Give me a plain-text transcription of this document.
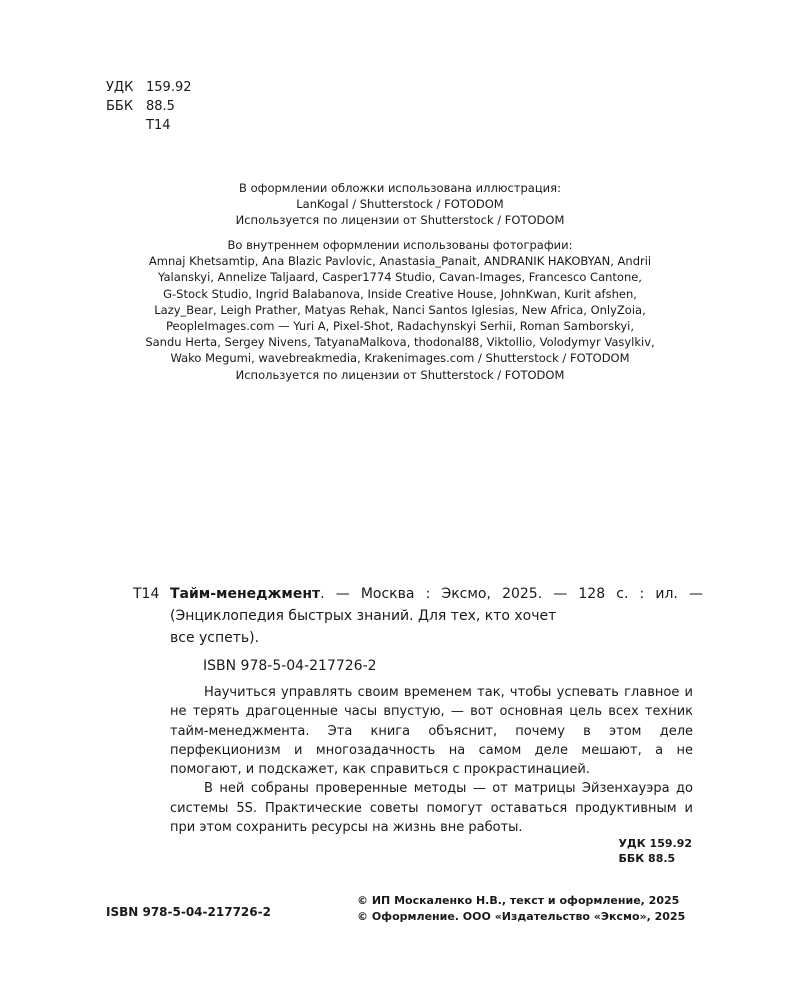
УДК 159.92
ББК 88.5
Т14

В оформлении обложки использована иллюстрация:

LanKogal / Shutterstock / FOTODOM

Используется по лицензии от Shutterstock / FOTODOM

Во внутреннем оформлении использованы фотографии:

Amnaj Khetsamtip, Ana Blazic Pavlovic, Anastasia_Panait, ANDRANIK HAKOBYAN, Andrii

Yalanskyi, Annelize Taljaard, Casper1774 Studio, Cavan-Images, Francesco Cantone,

G-Stock Studio, Ingrid Balabanova, Inside Creative House, JohnKwan, Kurit afshen,

Lazy_Bear, Leigh Prather, Matyas Rehak, Nanci Santos Iglesias, New Africa, OnlyZoia,

PeopleImages.com — Yuri A, Pixel-Shot, Radachynskyi Serhii, Roman Samborskyi,

Sandu Herta, Sergey Nivens, TatyanaMalkova, thodonal88, Viktollio, Volodymyr Vasylkiv,

Wako Megumi, wavebreakmedia, Krakenimages.com / Shutterstock / FOTODOM

Используется по лицензии от Shutterstock / FOTODOM

Т14 Тайм-менеджмент. — Москва : Эксмо, 2025. — 128 с. : ил. — (Энциклопедия быстрых знаний. Для тех, кто хочет
все успеть).
ISBN 978-5-04-217726-2

Научиться управлять своим временем так, чтобы успевать главное и не терять драгоценные часы впустую, — вот основная цель всех техник тайм-менеджмента. Эта книга объяснит, почему в этом деле перфекционизм и многозадачность на самом деле мешают, а не помогают, и подскажет, как справиться с прокрастинацией.

В ней собраны проверенные методы — от матрицы Эйзенхауэра до системы 5S. Практические советы помогут оставаться продуктивным и при этом сохранить ресурсы на жизнь вне работы.

УДК 159.92
ББК 88.5
ISBN 978-5-04-217726-2
© ИП Москаленко Н.В., текст и оформление, 2025
© Оформление. ООО «Издательство «Эксмо», 2025
